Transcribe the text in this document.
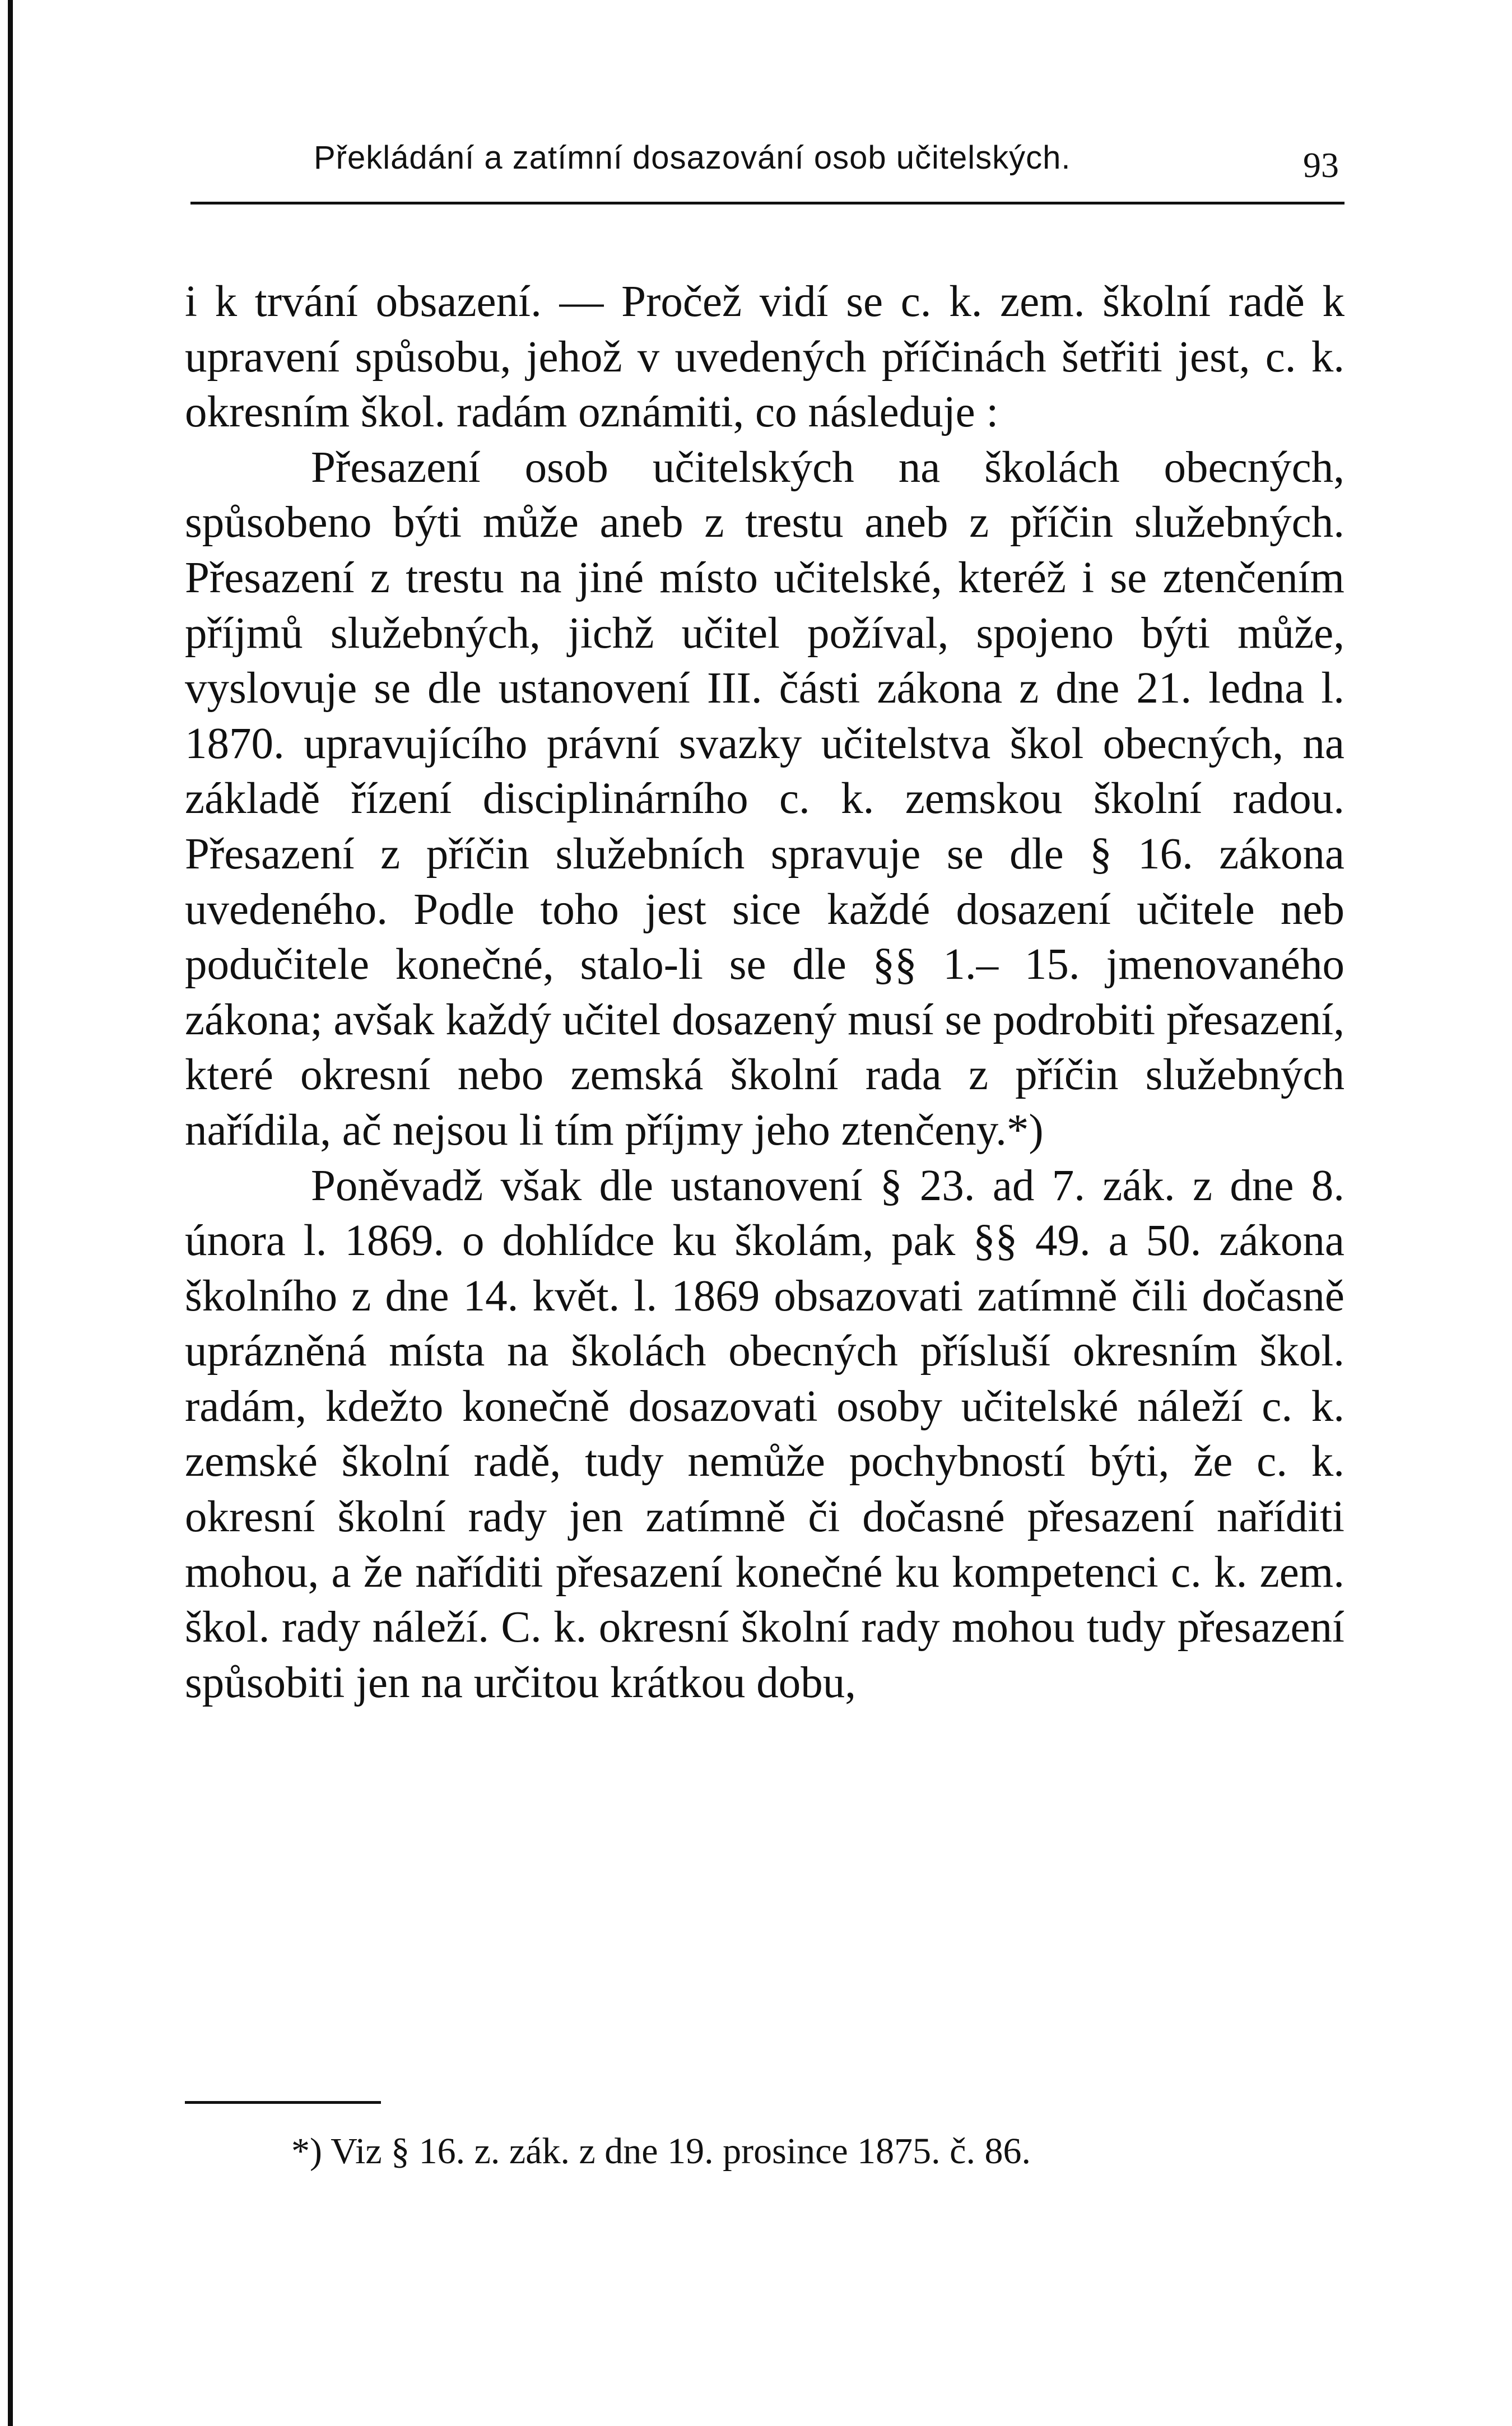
Překládání a zatímní dosazování osob učitelských.	93

i k trvání obsazení. — Pročež vidí se c. k. zem. školní radě k upravení spůsobu, jehož v uvedených příčinách šetřiti jest, c. k. okresním škol. radám oznámiti, co následuje :

Přesazení osob učitelských na školách obecných, spůsobeno býti může aneb z trestu aneb z příčin služebných. Přesazení z trestu na jiné místo učitelské, kteréž i se ztenčením příjmů služebných, jichž učitel požíval, spojeno býti může, vyslovuje se dle ustanovení III. části zákona z dne 21. ledna l. 1870. upravujícího právní svazky učitelstva škol obecných, na základě řízení disciplinárního c. k. zemskou školní radou. Přesazení z příčin služebních spravuje se dle § 16. zákona uvedeného. Podle toho jest sice každé dosazení učitele neb podučitele konečné, stalo-li se dle §§ 1.– 15. jmenovaného zákona; avšak každý učitel dosazený musí se podrobiti přesazení, které okresní nebo zemská školní rada z příčin služebných nařídila, ač nejsou li tím příjmy jeho ztenčeny.*)

Poněvadž však dle ustanovení § 23. ad 7. zák. z dne 8. února l. 1869. o dohlídce ku školám, pak §§ 49. a 50. zákona školního z dne 14. květ. l. 1869 obsazovati zatímně čili dočasně uprázněná místa na školách obecných přísluší okresním škol. radám, kdežto konečně dosazovati osoby učitelské náleží c. k. zemské školní radě, tudy nemůže pochybností býti, že c. k. okresní školní rady jen zatímně či dočasné přesazení naříditi mohou, a že naříditi přesazení konečné ku kompetenci c. k. zem. škol. rady náleží. C. k. okresní školní rady mohou tudy přesazení spůsobiti jen na určitou krátkou dobu,

*) Viz § 16. z. zák. z dne 19. prosince 1875. č. 86.
